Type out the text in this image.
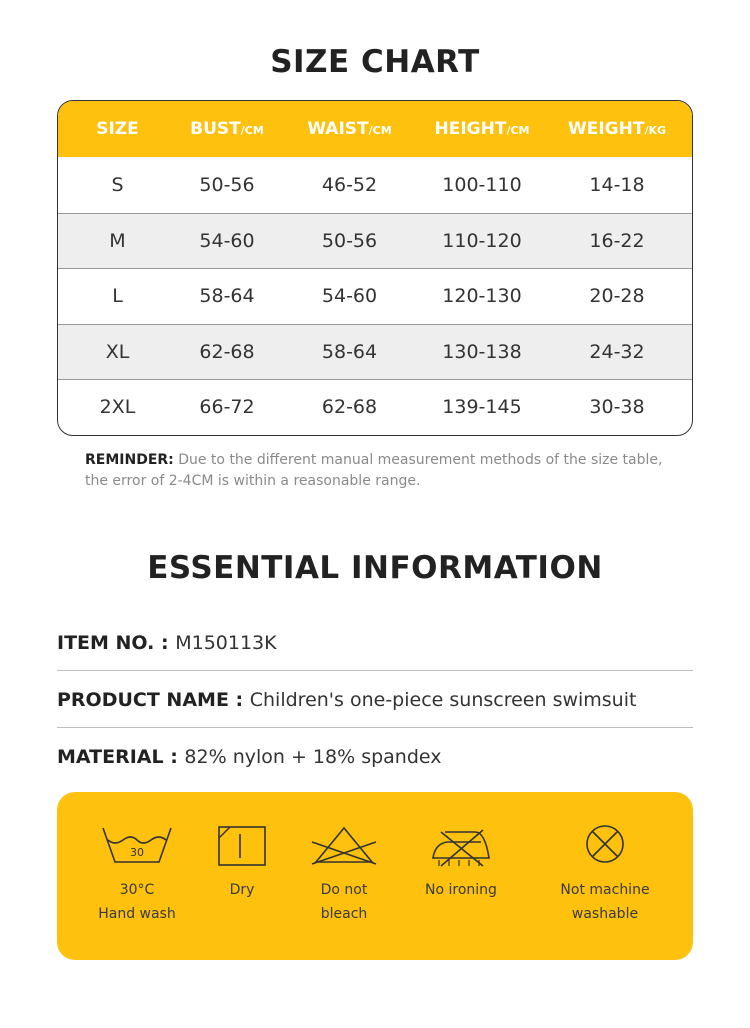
SIZE CHART
SIZE	BUST/CM	WAIST/CM	HEIGHT/CM	WEIGHT/KG
S	50-56	46-52	100-110	14-18
M	54-60	50-56	110-120	16-22
L	58-64	54-60	120-130	20-28
XL	62-68	58-64	130-138	24-32
2XL	66-72	62-68	139-145	30-38
REMINDER: Due to the different manual measurement methods of the size table,
the error of 2-4CM is within a reasonable range.
ESSENTIAL INFORMATION
ITEM NO. : M150113K
PRODUCT NAME : Children's one-piece sunscreen swimsuit
MATERIAL : 82% nylon + 18% spandex
30
30°C
Hand wash
Dry	Do not
bleach
No ironing	Not machine
washable
